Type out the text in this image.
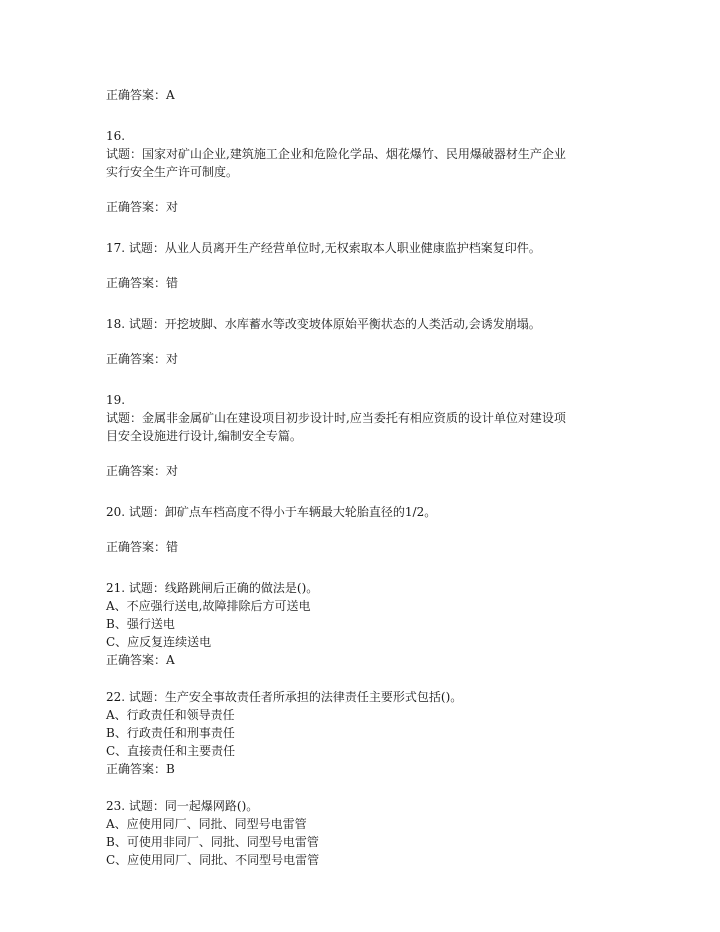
正确答案：A
16.
试题：国家对矿山企业,建筑施工企业和危险化学品、烟花爆竹、民用爆破器材生产企业
实行安全生产许可制度。
正确答案：对
17. 试题：从业人员离开生产经营单位时,无权索取本人职业健康监护档案复印件。
正确答案：错
18. 试题：开挖坡脚、水库蓄水等改变坡体原始平衡状态的人类活动,会诱发崩塌。
正确答案：对
19.
试题：金属非金属矿山在建设项目初步设计时,应当委托有相应资质的设计单位对建设项
目安全设施进行设计,编制安全专篇。
正确答案：对
20. 试题：卸矿点车档高度不得小于车辆最大轮胎直径的1/2。
正确答案：错
21. 试题：线路跳闸后正确的做法是()。
A、不应强行送电,故障排除后方可送电
B、强行送电
C、应反复连续送电
正确答案：A
22. 试题：生产安全事故责任者所承担的法律责任主要形式包括()。
A、行政责任和领导责任
B、行政责任和刑事责任
C、直接责任和主要责任
正确答案：B
23. 试题：同一起爆网路()。
A、应使用同厂、同批、同型号电雷管
B、可使用非同厂、同批、同型号电雷管
C、应使用同厂、同批、不同型号电雷管
